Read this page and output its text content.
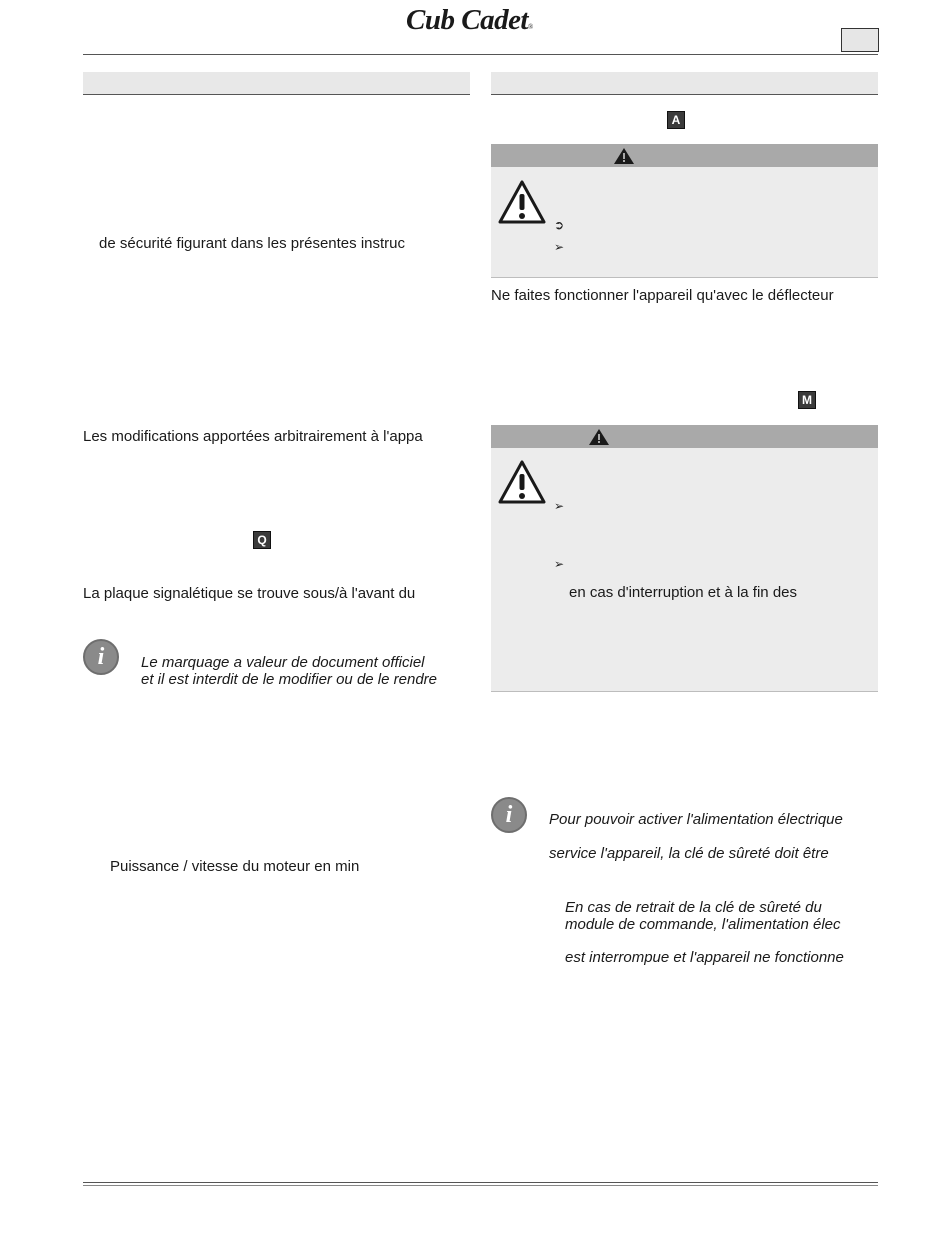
Cub Cadet®
de sécurité figurant dans les présentes instruc
Les modifications apportées arbitrairement à l'appa
Q
La plaque signalétique se trouve sous/à l'avant du
i	Le marquage a valeur de document officiel
et il est interdit de le modifier ou de le rendre
Puissance / vitesse du moteur en min
A
➲
➢
Ne faites fonctionner l'appareil qu'avec le déflecteur
M
➢
➢
en cas d'interruption et à la fin des
i	Pour pouvoir activer l'alimentation électrique
service l'appareil, la clé de sûreté doit être
En cas de retrait de la clé de sûreté du
module de commande, l'alimentation élec
est interrompue et l'appareil ne fonctionne
